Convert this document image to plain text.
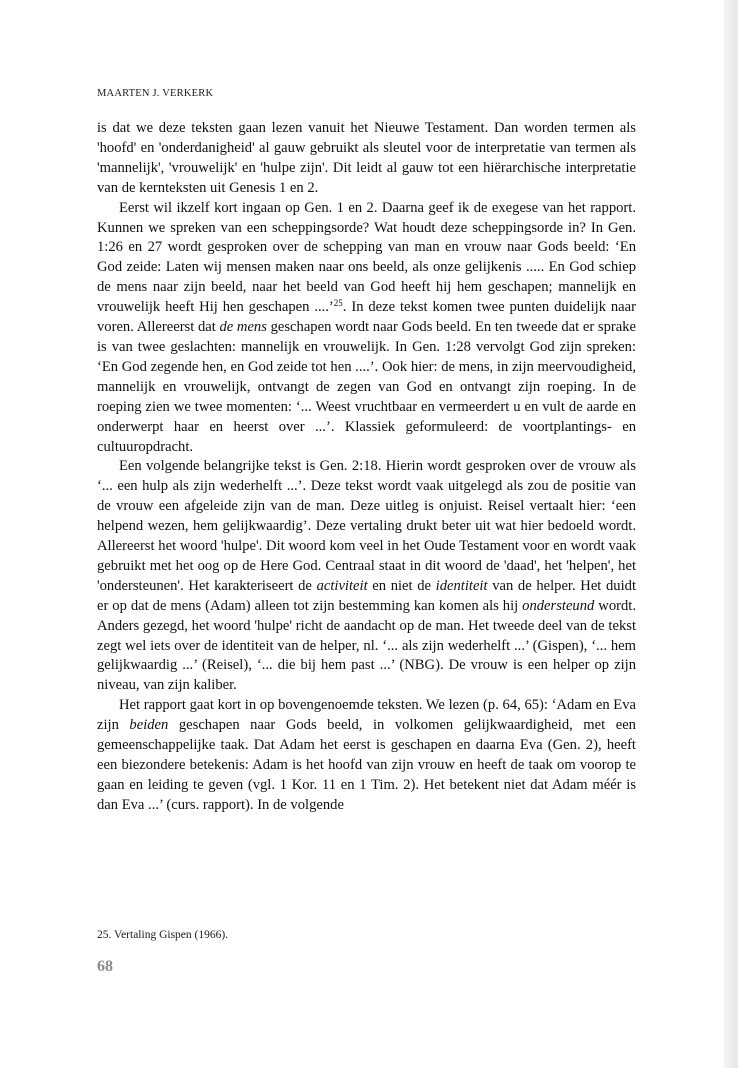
MAARTEN J. VERKERK

is dat we deze teksten gaan lezen vanuit het Nieuwe Testament. Dan worden termen als 'hoofd' en 'onderdanigheid' al gauw gebruikt als sleutel voor de interpretatie van termen als 'mannelijk', 'vrouwelijk' en 'hulpe zijn'. Dit leidt al gauw tot een hiërarchische interpretatie van de kernteksten uit Genesis 1 en 2.

Eerst wil ikzelf kort ingaan op Gen. 1 en 2. Daarna geef ik de exegese van het rapport. Kunnen we spreken van een scheppingsorde? Wat houdt deze scheppingsorde in? In Gen. 1:26 en 27 wordt gesproken over de schepping van man en vrouw naar Gods beeld: ‘En God zeide: Laten wij mensen maken naar ons beeld, als onze gelijkenis ..... En God schiep de mens naar zijn beeld, naar het beeld van God heeft hij hem geschapen; mannelijk en vrouwelijk heeft Hij hen geschapen ....’$^{25}$. In deze tekst komen twee punten duidelijk naar voren. Allereerst dat de mens geschapen wordt naar Gods beeld. En ten tweede dat er sprake is van twee geslachten: mannelijk en vrouwelijk. In Gen. 1:28 vervolgt God zijn spreken: ‘En God zegende hen, en God zeide tot hen ....’. Ook hier: de mens, in zijn meervoudigheid, mannelijk en vrouwelijk, ontvangt de zegen van God en ontvangt zijn roeping. In de roeping zien we twee momenten: ‘... Weest vruchtbaar en vermeerdert u en vult de aarde en onderwerpt haar en heerst over ...’. Klassiek geformuleerd: de voortplantings- en cultuuropdracht.

Een volgende belangrijke tekst is Gen. 2:18. Hierin wordt gesproken over de vrouw als ‘... een hulp als zijn wederhelft ...’. Deze tekst wordt vaak uitgelegd als zou de positie van de vrouw een afgeleide zijn van de man. Deze uitleg is onjuist. Reisel vertaalt hier: ‘een helpend wezen, hem gelijkwaardig’. Deze vertaling drukt beter uit wat hier bedoeld wordt. Allereerst het woord 'hulpe'. Dit woord kom veel in het Oude Testament voor en wordt vaak gebruikt met het oog op de Here God. Centraal staat in dit woord de 'daad', het 'helpen', het 'ondersteunen'. Het karakteriseert de activiteit en niet de identiteit van de helper. Het duidt er op dat de mens (Adam) alleen tot zijn bestemming kan komen als hij ondersteund wordt. Anders gezegd, het woord 'hulpe' richt de aandacht op de man. Het tweede deel van de tekst zegt wel iets over de identiteit van de helper, nl. ‘... als zijn wederhelft ...’ (Gispen), ‘... hem gelijkwaardig ...’ (Reisel), ‘... die bij hem past ...’ (NBG). De vrouw is een helper op zijn niveau, van zijn kaliber.

Het rapport gaat kort in op bovengenoemde teksten. We lezen (p. 64, 65): ‘Adam en Eva zijn beiden geschapen naar Gods beeld, in volkomen gelijkwaardigheid, met een gemeenschappelijke taak. Dat Adam het eerst is geschapen en daarna Eva (Gen. 2), heeft een biezondere betekenis: Adam is het hoofd van zijn vrouw en heeft de taak om voorop te gaan en leiding te geven (vgl. 1 Kor. 11 en 1 Tim. 2). Het betekent niet dat Adam méér is dan Eva ...’ (curs. rapport). In de volgende

25. Vertaling Gispen (1966).
68
